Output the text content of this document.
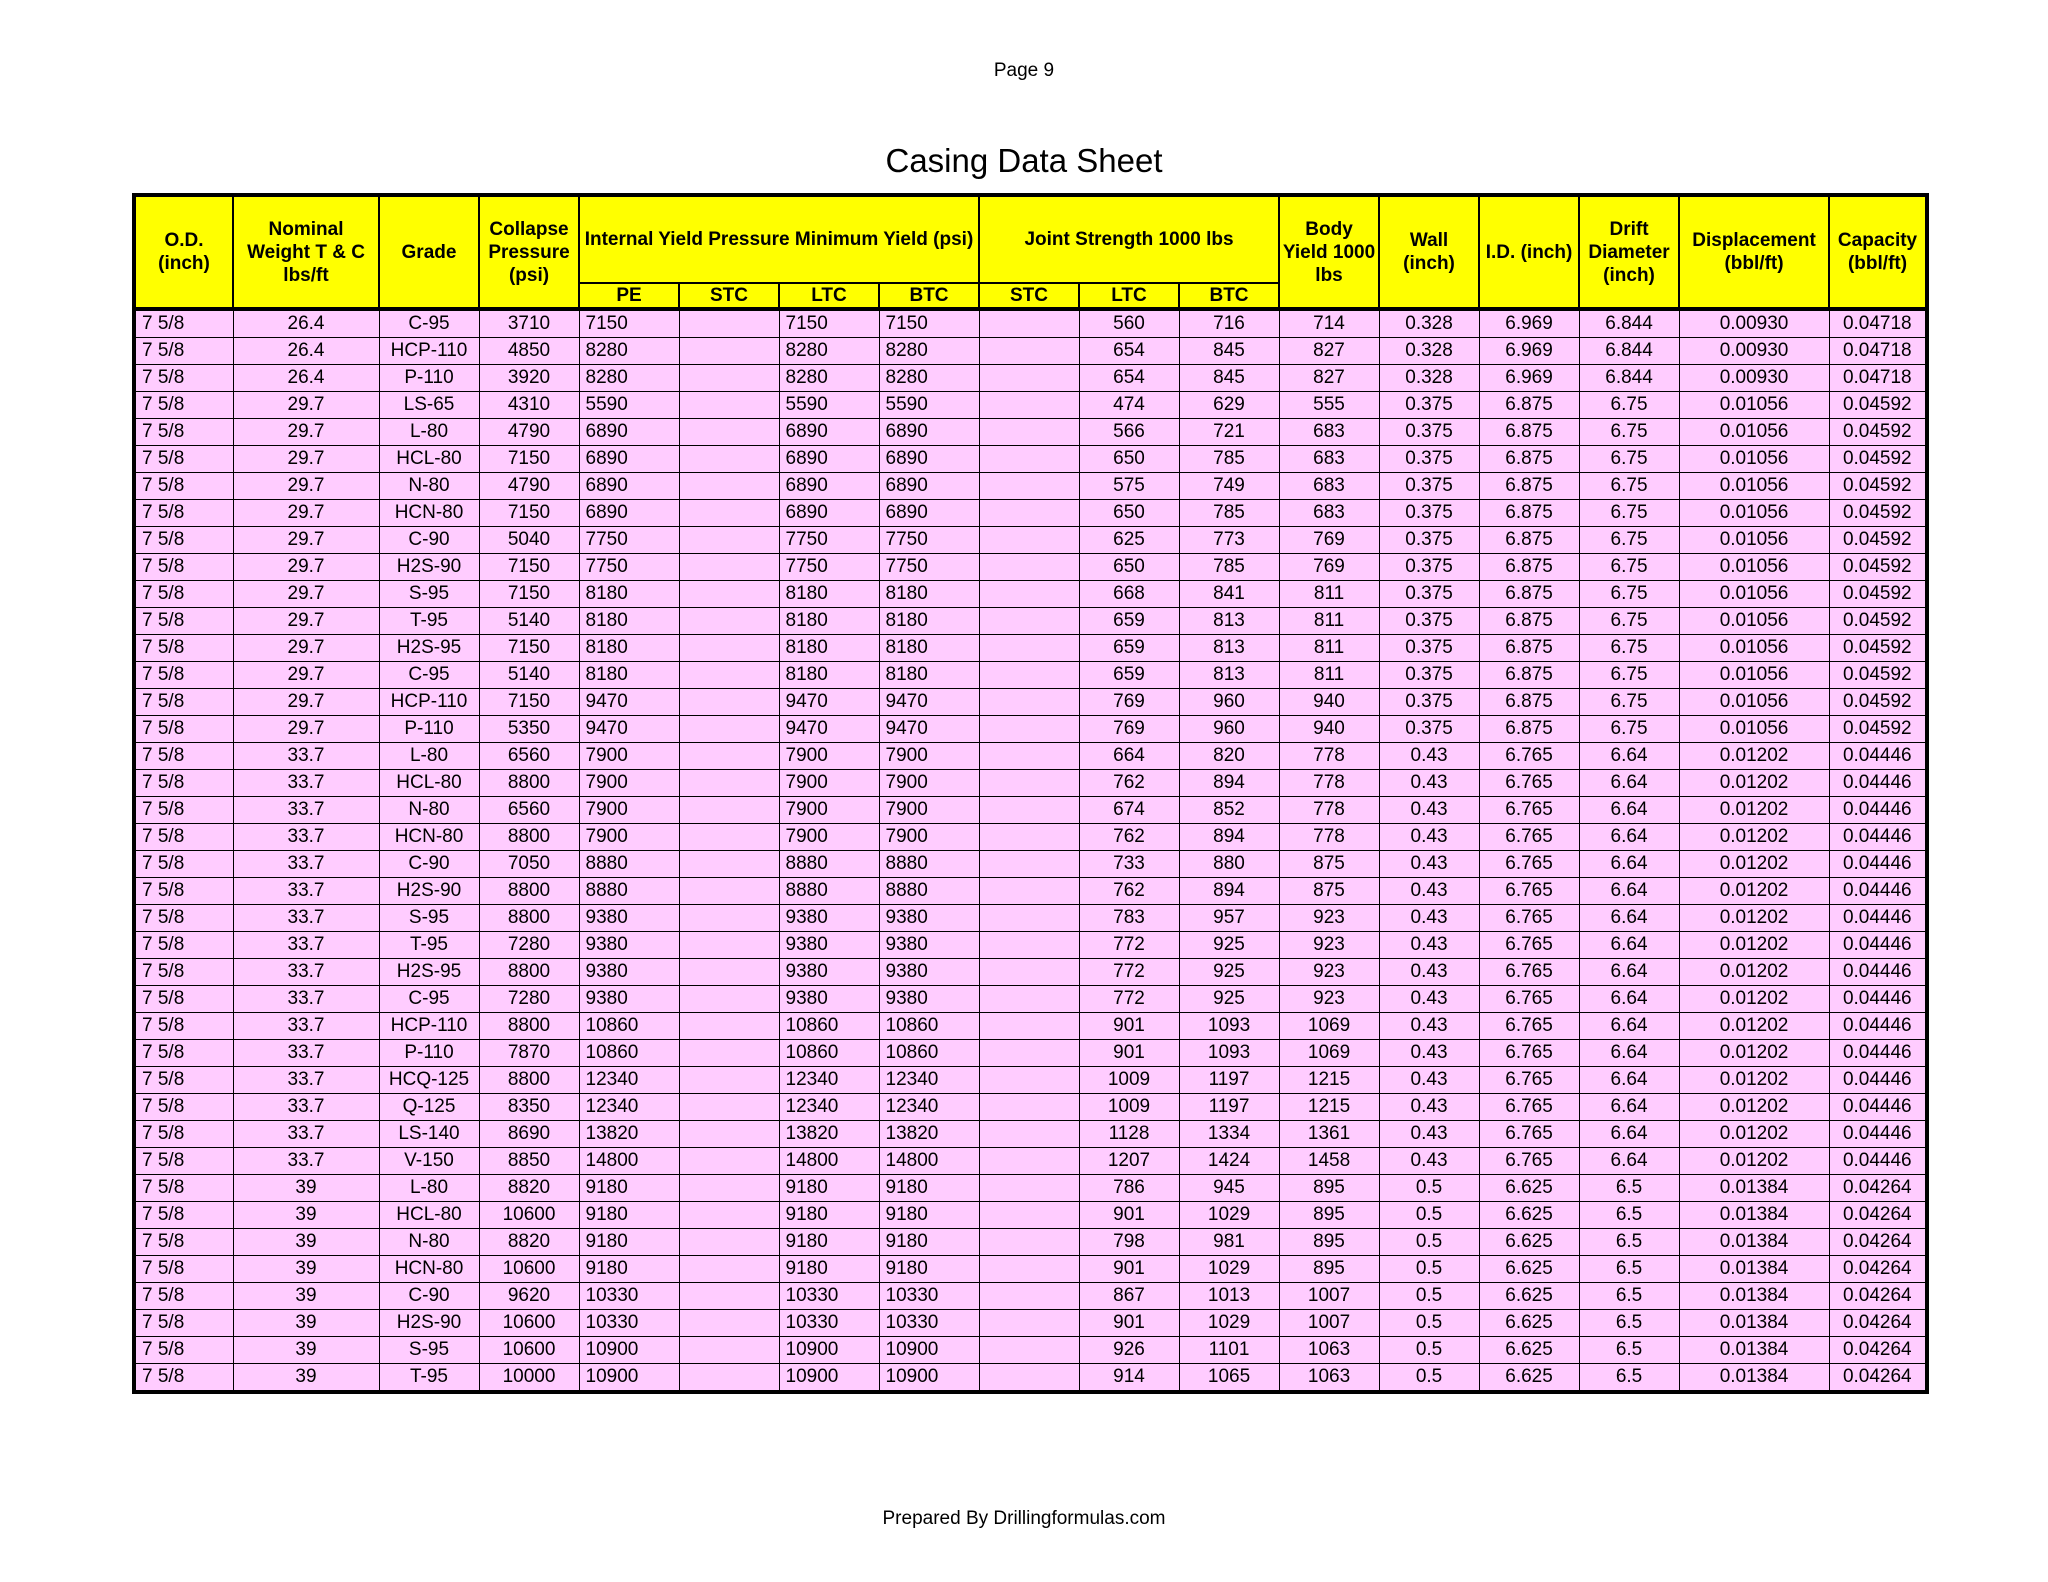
Page 9
Casing Data Sheet
O.D. (inch)	Nominal Weight T & C lbs/ft	Grade	Collapse Pressure (psi)	Internal Yield Pressure Minimum Yield (psi)				Joint Strength 1000 lbs			Body Yield 1000 lbs	Wall (inch)	I.D. (inch)	Drift Diameter (inch)	Displacement (bbl/ft)	Capacity (bbl/ft)
				PE	STC	LTC	BTC	STC	LTC	BTC						
7 5/8	26.4	C-95	3710	7150		7150	7150		560	716	714	0.328	6.969	6.844	0.00930	0.04718
7 5/8	26.4	HCP-110	4850	8280		8280	8280		654	845	827	0.328	6.969	6.844	0.00930	0.04718
7 5/8	26.4	P-110	3920	8280		8280	8280		654	845	827	0.328	6.969	6.844	0.00930	0.04718
7 5/8	29.7	LS-65	4310	5590		5590	5590		474	629	555	0.375	6.875	6.75	0.01056	0.04592
7 5/8	29.7	L-80	4790	6890		6890	6890		566	721	683	0.375	6.875	6.75	0.01056	0.04592
7 5/8	29.7	HCL-80	7150	6890		6890	6890		650	785	683	0.375	6.875	6.75	0.01056	0.04592
7 5/8	29.7	N-80	4790	6890		6890	6890		575	749	683	0.375	6.875	6.75	0.01056	0.04592
7 5/8	29.7	HCN-80	7150	6890		6890	6890		650	785	683	0.375	6.875	6.75	0.01056	0.04592
7 5/8	29.7	C-90	5040	7750		7750	7750		625	773	769	0.375	6.875	6.75	0.01056	0.04592
7 5/8	29.7	H2S-90	7150	7750		7750	7750		650	785	769	0.375	6.875	6.75	0.01056	0.04592
7 5/8	29.7	S-95	7150	8180		8180	8180		668	841	811	0.375	6.875	6.75	0.01056	0.04592
7 5/8	29.7	T-95	5140	8180		8180	8180		659	813	811	0.375	6.875	6.75	0.01056	0.04592
7 5/8	29.7	H2S-95	7150	8180		8180	8180		659	813	811	0.375	6.875	6.75	0.01056	0.04592
7 5/8	29.7	C-95	5140	8180		8180	8180		659	813	811	0.375	6.875	6.75	0.01056	0.04592
7 5/8	29.7	HCP-110	7150	9470		9470	9470		769	960	940	0.375	6.875	6.75	0.01056	0.04592
7 5/8	29.7	P-110	5350	9470		9470	9470		769	960	940	0.375	6.875	6.75	0.01056	0.04592
7 5/8	33.7	L-80	6560	7900		7900	7900		664	820	778	0.43	6.765	6.64	0.01202	0.04446
7 5/8	33.7	HCL-80	8800	7900		7900	7900		762	894	778	0.43	6.765	6.64	0.01202	0.04446
7 5/8	33.7	N-80	6560	7900		7900	7900		674	852	778	0.43	6.765	6.64	0.01202	0.04446
7 5/8	33.7	HCN-80	8800	7900		7900	7900		762	894	778	0.43	6.765	6.64	0.01202	0.04446
7 5/8	33.7	C-90	7050	8880		8880	8880		733	880	875	0.43	6.765	6.64	0.01202	0.04446
7 5/8	33.7	H2S-90	8800	8880		8880	8880		762	894	875	0.43	6.765	6.64	0.01202	0.04446
7 5/8	33.7	S-95	8800	9380		9380	9380		783	957	923	0.43	6.765	6.64	0.01202	0.04446
7 5/8	33.7	T-95	7280	9380		9380	9380		772	925	923	0.43	6.765	6.64	0.01202	0.04446
7 5/8	33.7	H2S-95	8800	9380		9380	9380		772	925	923	0.43	6.765	6.64	0.01202	0.04446
7 5/8	33.7	C-95	7280	9380		9380	9380		772	925	923	0.43	6.765	6.64	0.01202	0.04446
7 5/8	33.7	HCP-110	8800	10860		10860	10860		901	1093	1069	0.43	6.765	6.64	0.01202	0.04446
7 5/8	33.7	P-110	7870	10860		10860	10860		901	1093	1069	0.43	6.765	6.64	0.01202	0.04446
7 5/8	33.7	HCQ-125	8800	12340		12340	12340		1009	1197	1215	0.43	6.765	6.64	0.01202	0.04446
7 5/8	33.7	Q-125	8350	12340		12340	12340		1009	1197	1215	0.43	6.765	6.64	0.01202	0.04446
7 5/8	33.7	LS-140	8690	13820		13820	13820		1128	1334	1361	0.43	6.765	6.64	0.01202	0.04446
7 5/8	33.7	V-150	8850	14800		14800	14800		1207	1424	1458	0.43	6.765	6.64	0.01202	0.04446
7 5/8	39	L-80	8820	9180		9180	9180		786	945	895	0.5	6.625	6.5	0.01384	0.04264
7 5/8	39	HCL-80	10600	9180		9180	9180		901	1029	895	0.5	6.625	6.5	0.01384	0.04264
7 5/8	39	N-80	8820	9180		9180	9180		798	981	895	0.5	6.625	6.5	0.01384	0.04264
7 5/8	39	HCN-80	10600	9180		9180	9180		901	1029	895	0.5	6.625	6.5	0.01384	0.04264
7 5/8	39	C-90	9620	10330		10330	10330		867	1013	1007	0.5	6.625	6.5	0.01384	0.04264
7 5/8	39	H2S-90	10600	10330		10330	10330		901	1029	1007	0.5	6.625	6.5	0.01384	0.04264
7 5/8	39	S-95	10600	10900		10900	10900		926	1101	1063	0.5	6.625	6.5	0.01384	0.04264
7 5/8	39	T-95	10000	10900		10900	10900		914	1065	1063	0.5	6.625	6.5	0.01384	0.04264
Prepared By Drillingformulas.com
